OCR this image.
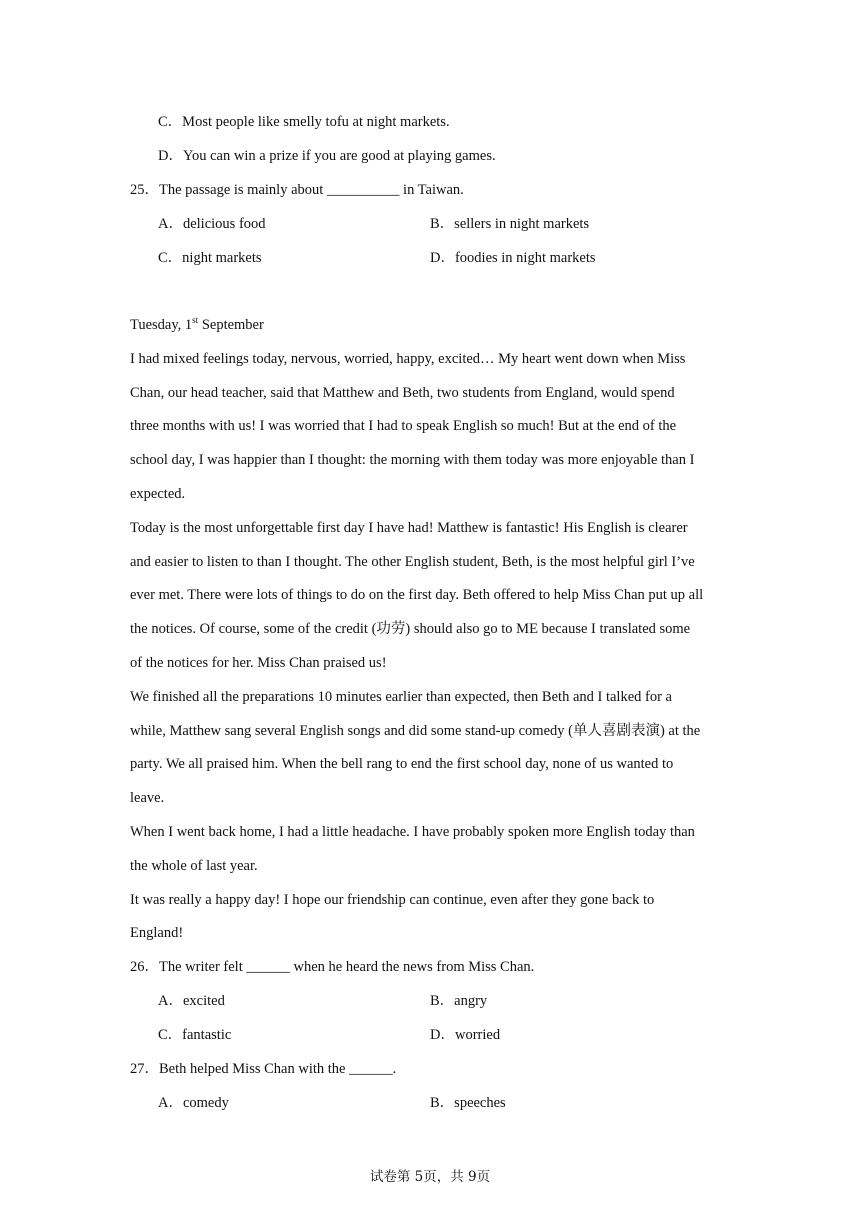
C．Most people like smelly tofu at night markets.
D．You can win a prize if you are good at playing games.
25．The passage is mainly about __________ in Taiwan.
A．delicious food	B．sellers in night markets
C．night markets	D．foodies in night markets
Tuesday, 1st September
I had mixed feelings today, nervous, worried, happy, excited… My heart went down when Miss
Chan, our head teacher, said that Matthew and Beth, two students from England, would spend
three months with us! I was worried that I had to speak English so much! But at the end of the
school day, I was happier than I thought: the morning with them today was more enjoyable than I
expected.
Today is the most unforgettable first day I have had! Matthew is fantastic! His English is clearer
and easier to listen to than I thought. The other English student, Beth, is the most helpful girl I’ve
ever met. There were lots of things to do on the first day. Beth offered to help Miss Chan put up all
the notices. Of course, some of the credit (功劳) should also go to ME because I translated some
of the notices for her. Miss Chan praised us!
We finished all the preparations 10 minutes earlier than expected, then Beth and I talked for a
while, Matthew sang several English songs and did some stand-up comedy (单人喜剧表演) at the
party. We all praised him. When the bell rang to end the first school day, none of us wanted to
leave.
When I went back home, I had a little headache. I have probably spoken more English today than
the whole of last year.
It was really a happy day! I hope our friendship can continue, even after they gone back to
England!
26．The writer felt ______ when he heard the news from Miss Chan.
A．excited	B．angry
C．fantastic	D．worried
27．Beth helped Miss Chan with the ______.
A．comedy	B．speeches
试卷第 5页，共 9页
